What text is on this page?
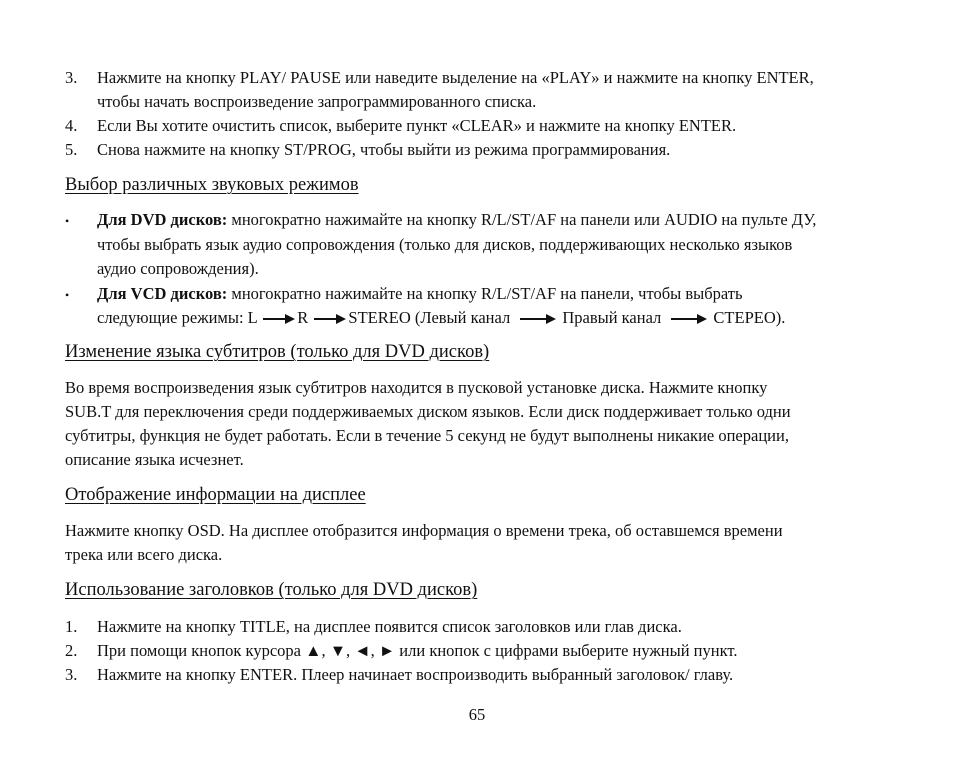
3. Нажмите на кнопку PLAY/ PAUSE или наведите выделение на «PLAY» и нажмите на кнопку ENTER,
чтобы начать воспроизведение запрограммированного списка.
4. Если Вы хотите очистить список, выберите пункт «CLEAR» и нажмите на кнопку ENTER.
5. Снова нажмите на кнопку ST/PROG, чтобы выйти из режима программирования.
Выбор различных звуковых режимов
• Для DVD дисков: многократно нажимайте на кнопку R/L/ST/AF на панели или AUDIO на пульте ДУ,
чтобы выбрать язык аудио сопровождения (только для дисков, поддерживающих несколько языков
аудио сопровождения).
• Для VCD дисков: многократно нажимайте на кнопку R/L/ST/AF на панели, чтобы выбрать
следующие режимы: L R STEREO (Левый канал	Правый канал	СТЕРЕО).
Изменение языка субтитров (только для DVD дисков)
Во время воспроизведения язык субтитров находится в пусковой установке диска. Нажмите кнопку
SUB.T для переключения среди поддерживаемых диском языков. Если диск поддерживает только одни
субтитры, функция не будет работать. Если в течение 5 секунд не будут выполнены никакие операции,
описание языка исчезнет.
Отображение информации на дисплее
Нажмите кнопку OSD. На дисплее отобразится информация о времени трека, об оставшемся времени
трека или всего диска.
Использование заголовков (только для DVD дисков)
1. Нажмите на кнопку TITLE, на дисплее появится список заголовков или глав диска.
2. При помощи кнопок курсора ▲, ▼, ◄, ► или кнопок с цифрами выберите нужный пункт.
3. Нажмите на кнопку ENTER. Плеер начинает воспроизводить выбранный заголовок/ главу.
65
